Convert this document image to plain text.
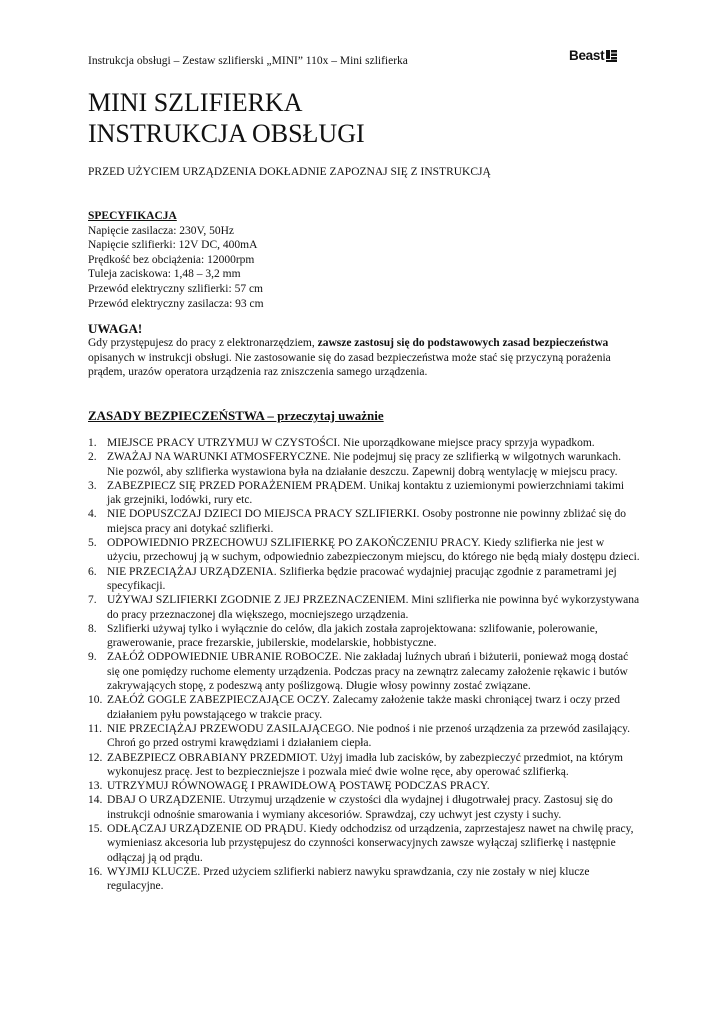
Instrukcja obsługi – Zestaw szlifierski „MINI” 110x – Mini szlifierka	Beast
MINI SZLIFIERKA
INSTRUKCJA OBSŁUGI
PRZED UŻYCIEM URZĄDZENIA DOKŁADNIE ZAPOZNAJ SIĘ Z INSTRUKCJĄ
SPECYFIKACJA
Napięcie zasilacza: 230V, 50Hz
Napięcie szlifierki: 12V DC, 400mA
Prędkość bez obciążenia: 12000rpm
Tuleja zaciskowa: 1,48 – 3,2 mm
Przewód elektryczny szlifierki: 57 cm
Przewód elektryczny zasilacza: 93 cm
UWAGA!
Gdy przystępujesz do pracy z elektronarzędziem, zawsze zastosuj się do podstawowych zasad bezpieczeństwa opisanych w instrukcji obsługi. Nie zastosowanie się do zasad bezpieczeństwa może stać się przyczyną porażenia prądem, urazów operatora urządzenia raz zniszczenia samego urządzenia.
ZASADY BEZPIECZEŃSTWA – przeczytaj uważnie
1. MIEJSCE PRACY UTRZYMUJ W CZYSTOŚCI. Nie uporządkowane miejsce pracy sprzyja wypadkom.
2. ZWAŻAJ NA WARUNKI ATMOSFERYCZNE. Nie podejmuj się pracy ze szlifierką w wilgotnych warunkach. Nie pozwól, aby szlifierka wystawiona była na działanie deszczu. Zapewnij dobrą wentylację w miejscu pracy.
3. ZABEZPIECZ SIĘ PRZED PORAŻENIEM PRĄDEM. Unikaj kontaktu z uziemionymi powierzchniami takimi jak grzejniki, lodówki, rury etc.
4. NIE DOPUSZCZAJ DZIECI DO MIEJSCA PRACY SZLIFIERKI. Osoby postronne nie powinny zbliżać się do miejsca pracy ani dotykać szlifierki.
5. ODPOWIEDNIO PRZECHOWUJ SZLIFIERKĘ PO ZAKOŃCZENIU PRACY. Kiedy szlifierka nie jest w użyciu, przechowuj ją w suchym, odpowiednio zabezpieczonym miejscu, do którego nie będą miały dostępu dzieci.
6. NIE PRZECIĄŻAJ URZĄDZENIA. Szlifierka będzie pracować wydajniej pracując zgodnie z parametrami jej specyfikacji.
7. UŻYWAJ SZLIFIERKI ZGODNIE Z JEJ PRZEZNACZENIEM. Mini szlifierka nie powinna być wykorzystywana do pracy przeznaczonej dla większego, mocniejszego urządzenia.
8. Szlifierki używaj tylko i wyłącznie do celów, dla jakich została zaprojektowana: szlifowanie, polerowanie, grawerowanie, prace frezarskie, jubilerskie, modelarskie, hobbistyczne.
9. ZAŁÓŻ ODPOWIEDNIE UBRANIE ROBOCZE. Nie zakładaj luźnych ubrań i biżuterii, ponieważ mogą dostać się one pomiędzy ruchome elementy urządzenia. Podczas pracy na zewnątrz zalecamy założenie rękawic i butów zakrywających stopę, z podeszwą anty poślizgową. Długie włosy powinny zostać związane.
10. ZAŁÓŻ GOGLE ZABEZPIECZAJĄCE OCZY. Zalecamy założenie także maski chroniącej twarz i oczy przed działaniem pyłu powstającego w trakcie pracy.
11. NIE PRZECIĄŻAJ PRZEWODU ZASILAJĄCEGO. Nie podnoś i nie przenoś urządzenia za przewód zasilający. Chroń go przed ostrymi krawędziami i działaniem ciepła.
12. ZABEZPIECZ OBRABIANY PRZEDMIOT. Użyj imadła lub zacisków, by zabezpieczyć przedmiot, na którym wykonujesz pracę. Jest to bezpieczniejsze i pozwala mieć dwie wolne ręce, aby operować szlifierką.
13. UTRZYMUJ RÓWNOWAGĘ I PRAWIDŁOWĄ POSTAWĘ PODCZAS PRACY.
14. DBAJ O URZĄDZENIE. Utrzymuj urządzenie w czystości dla wydajnej i długotrwałej pracy. Zastosuj się do instrukcji odnośnie smarowania i wymiany akcesoriów. Sprawdzaj, czy uchwyt jest czysty i suchy.
15. ODŁĄCZAJ URZĄDZENIE OD PRĄDU. Kiedy odchodzisz od urządzenia, zaprzestajesz nawet na chwilę pracy, wymieniasz akcesoria lub przystępujesz do czynności konserwacyjnych zawsze wyłączaj szlifierkę i następnie odłączaj ją od prądu.
16. WYJMIJ KLUCZE. Przed użyciem szlifierki nabierz nawyku sprawdzania, czy nie zostały w niej klucze regulacyjne.
